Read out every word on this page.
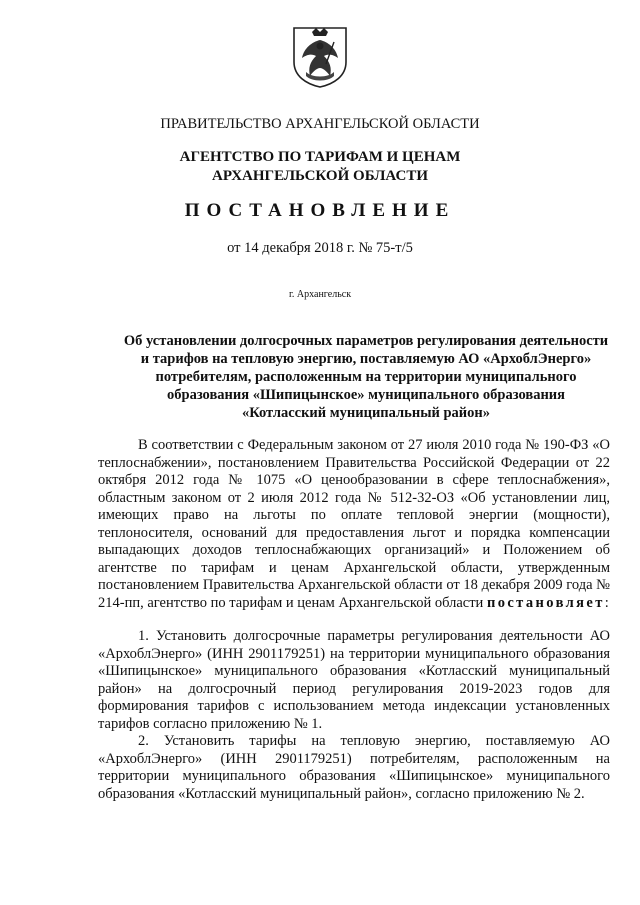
ПРАВИТЕЛЬСТВО АРХАНГЕЛЬСКОЙ ОБЛАСТИ
АГЕНТСТВО ПО ТАРИФАМ И ЦЕНАМ
АРХАНГЕЛЬСКОЙ ОБЛАСТИ
ПОСТАНОВЛЕНИЕ
от 14 декабря 2018 г. № 75-т/5
г. Архангельск
Об установлении долгосрочных параметров регулирования деятельности
и тарифов на тепловую энергию, поставляемую АО «АрхоблЭнерго»
потребителям, расположенным на территории муниципального
образования «Шипицынское» муниципального образования
«Котласский муниципальный район»
В соответствии с Федеральным законом от 27 июля 2010 года № 190-ФЗ «О теплоснабжении», постановлением Правительства Российской Федерации от 22 октября 2012 года № 1075 «О ценообразовании в сфере теплоснабжения», областным законом от 2 июля 2012 года № 512-32-ОЗ «Об установлении лиц, имеющих право на льготы по оплате тепловой энергии (мощности), теплоносителя, оснований для предоставления льгот и порядка компенсации выпадающих доходов теплоснабжающих организаций» и Положением об агентстве по тарифам и ценам Архангельской области, утвержденным постановлением Правительства Архангельской области от 18 декабря 2009 года № 214-пп, агентство по тарифам и ценам Архангельской области постановляет:
1. Установить долгосрочные параметры регулирования деятельности АО «АрхоблЭнерго» (ИНН 2901179251) на территории муниципального образования «Шипицынское» муниципального образования «Котласский муниципальный район» на долгосрочный период регулирования 2019-2023 годов для формирования тарифов с использованием метода индексации установленных тарифов согласно приложению № 1.
2. Установить тарифы на тепловую энергию, поставляемую АО «АрхоблЭнерго» (ИНН 2901179251) потребителям, расположенным на территории муниципального образования «Шипицынское» муниципального образования «Котласский муниципальный район», согласно приложению № 2.
